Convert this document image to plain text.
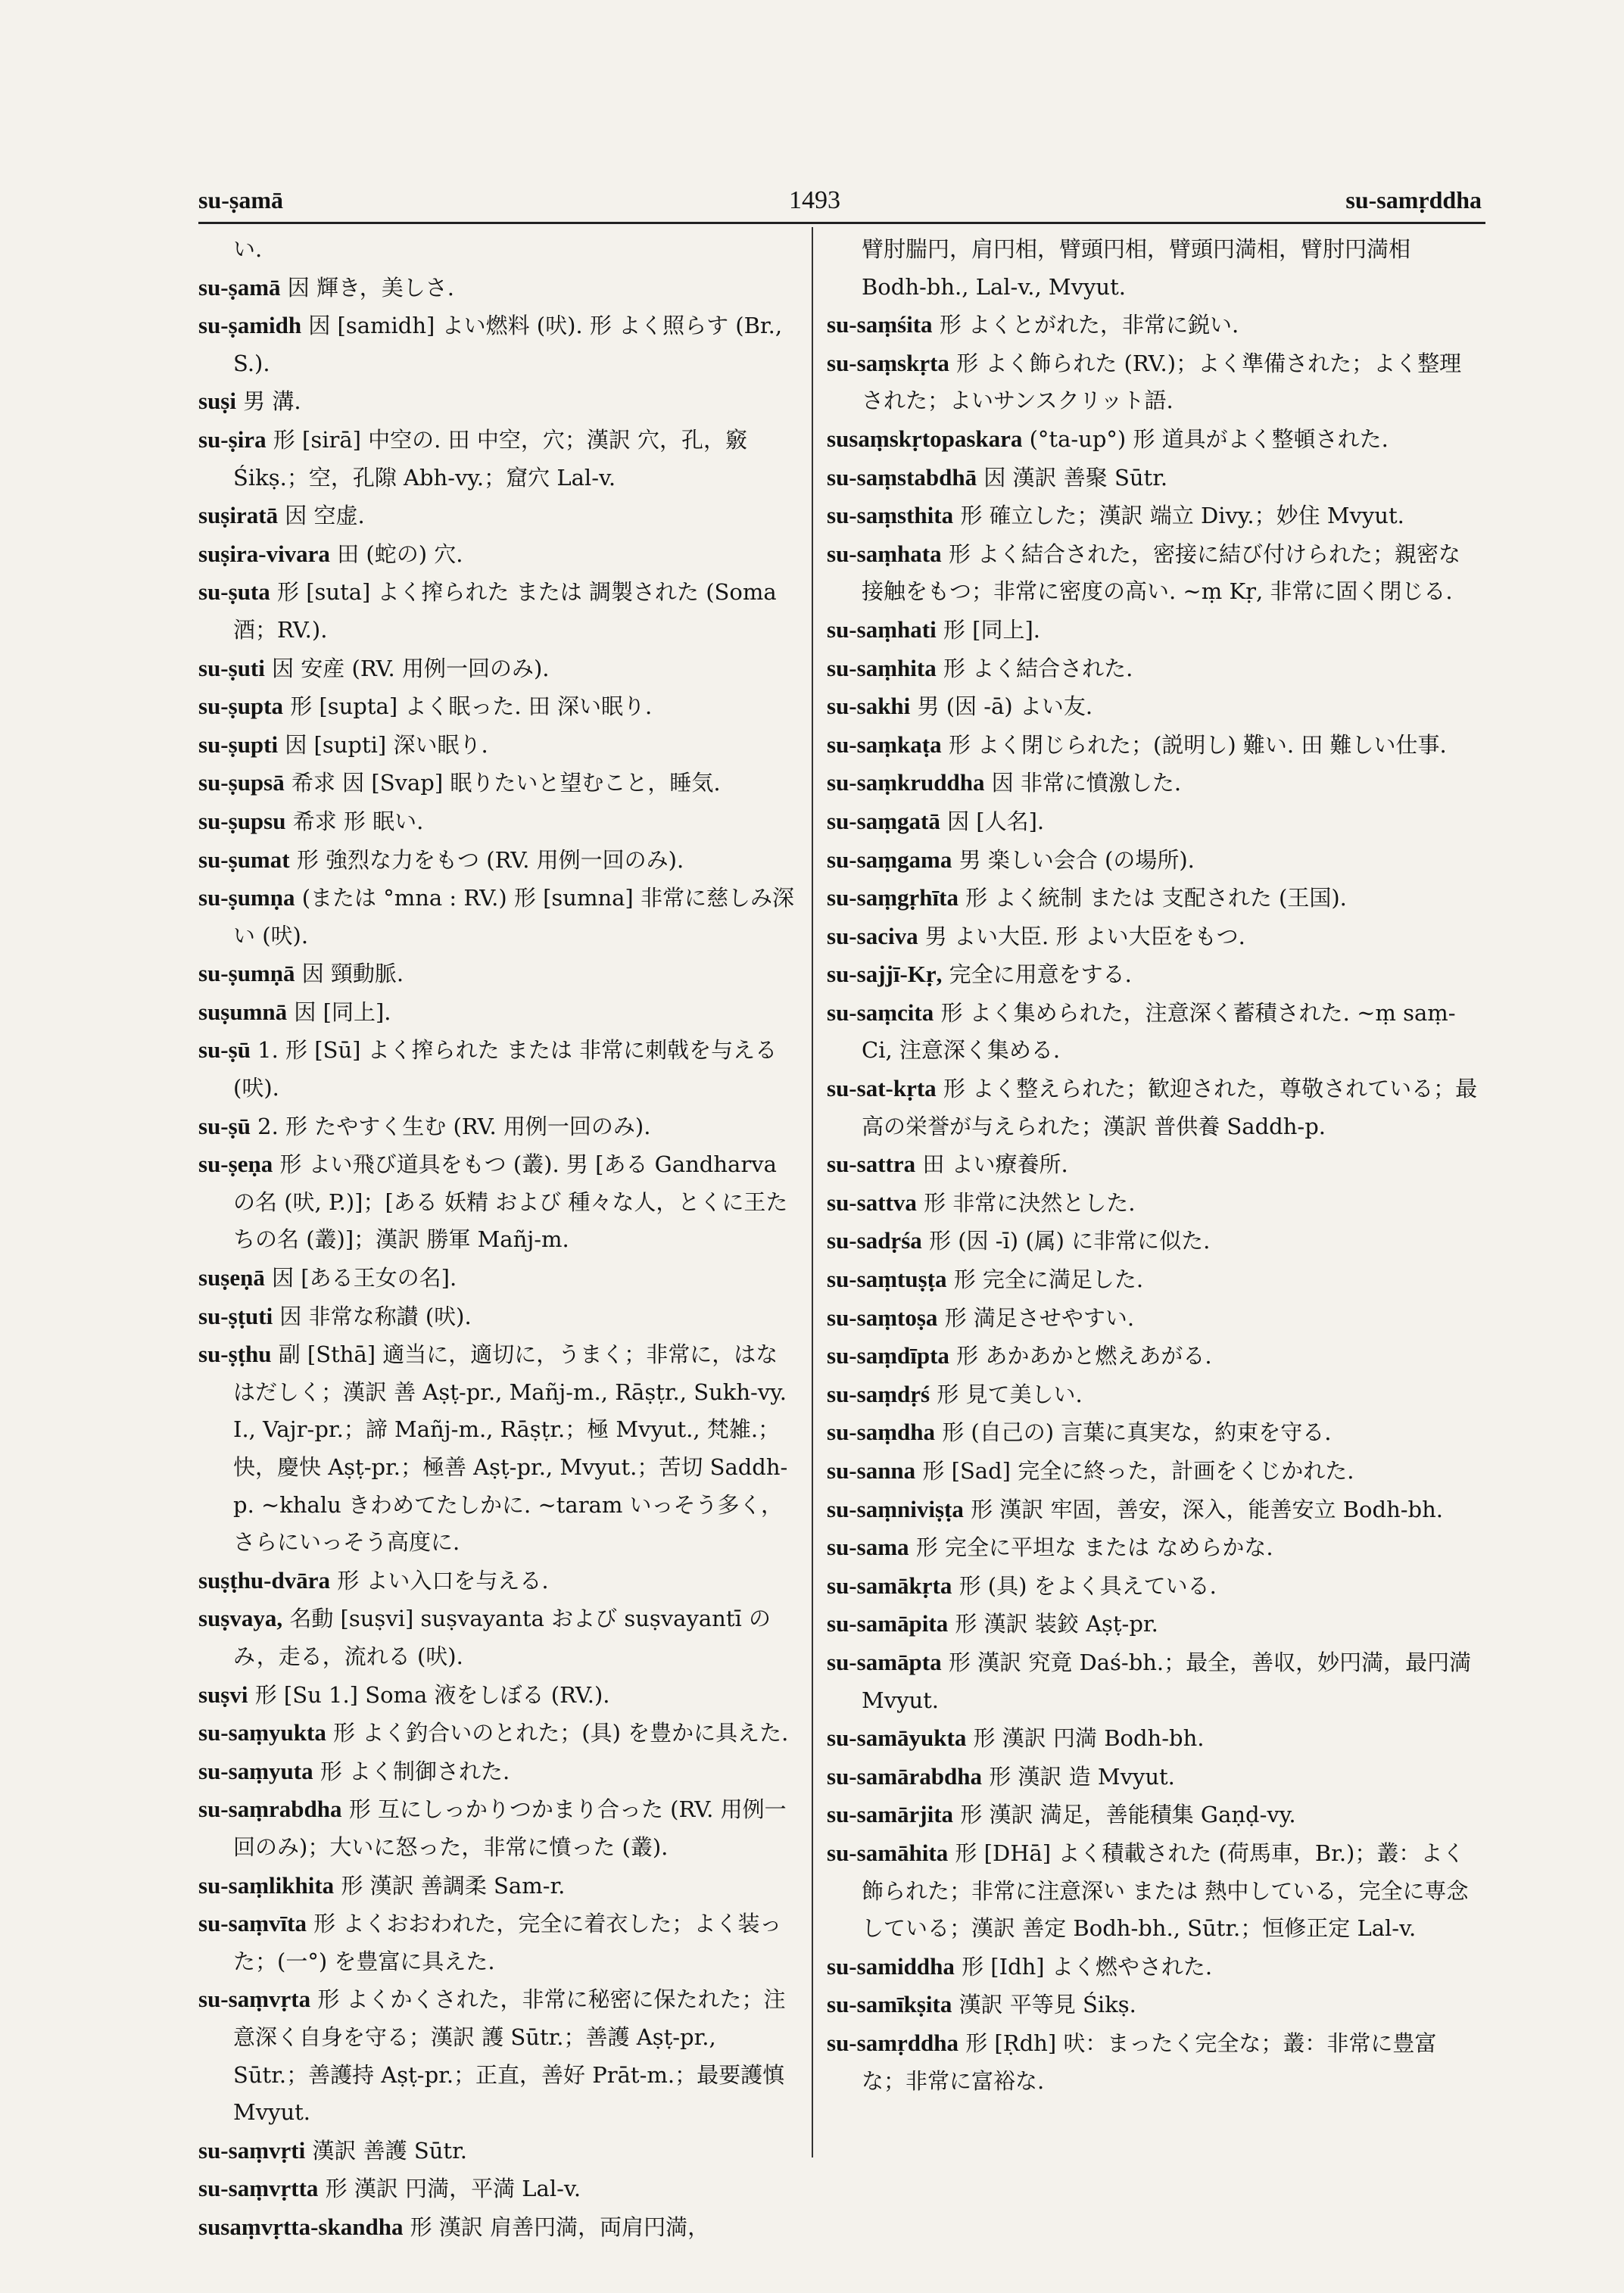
su-ṣamā	1493	su-samṛddha

い.

su-ṣamā 因 輝き，美しさ.

su-ṣamidh 因 [samidh] よい燃料 (吠). 形 よく照らす (Br., S.).

suṣi 男 溝.

su-ṣira 形 [sirā] 中空の. 田 中空，穴；漢訳 穴，孔，竅 Śikṣ.；空，孔隙 Abh-vy.；窟穴 Lal-v.

suṣiratā 因 空虚.

suṣira-vivara 田 (蛇の) 穴.

su-ṣuta 形 [suta] よく搾られた または 調製された (Soma 酒；RV.).

su-ṣuti 因 安産 (RV. 用例一回のみ).

su-ṣupta 形 [supta] よく眠った. 田 深い眠り.

su-ṣupti 因 [supti] 深い眠り.

su-ṣupsā 希求 因 [Svap] 眠りたいと望むこと，睡気.

su-ṣupsu 希求 形 眠い.

su-ṣumat 形 強烈な力をもつ (RV. 用例一回のみ).

su-ṣumṇa (または °mna : RV.) 形 [sumna] 非常に慈しみ深い (吠).

su-ṣumṇā 因 頸動脈.

suṣumnā 因 [同上].

su-ṣū 1. 形 [Sū] よく搾られた または 非常に刺戟を与える (吠).

su-ṣū 2. 形 たやすく生む (RV. 用例一回のみ).

su-ṣeṇa 形 よい飛び道具をもつ (叢). 男 [ある Gandharva の名 (吠, P.)]；[ある 妖精 および 種々な人，とくに王たちの名 (叢)]；漢訳 勝軍 Mañj-m.

suṣeṇā 因 [ある王女の名].

su-ṣṭuti 因 非常な称讃 (吠).

su-ṣṭhu 副 [Sthā] 適当に，適切に，うまく；非常に，はなはだしく；漢訳 善 Aṣṭ-pr., Mañj-m., Rāṣṭr., Sukh-vy. I., Vajr-pr.；諦 Mañj-m., Rāṣṭr.；極 Mvyut., 梵雑.；快，慶快 Aṣṭ-pr.；極善 Aṣṭ-pr., Mvyut.；苦切 Saddh-p. ~khalu きわめてたしかに. ~taram いっそう多く，さらにいっそう高度に.

suṣṭhu-dvāra 形 よい入口を与える.

suṣvaya, 名動 [suṣvi] suṣvayanta および suṣvayantī のみ，走る，流れる (吠).

suṣvi 形 [Su 1.] Soma 液をしぼる (RV.).

su-saṃyukta 形 よく釣合いのとれた；(具) を豊かに具えた.

su-saṃyuta 形 よく制御された.

su-saṃrabdha 形 互にしっかりつかまり合った (RV. 用例一回のみ)；大いに怒った，非常に憤った (叢).

su-saṃlikhita 形 漢訳 善調柔 Sam-r.

su-saṃvīta 形 よくおおわれた，完全に着衣した；よく装った；(一°) を豊富に具えた.

su-saṃvṛta 形 よくかくされた，非常に秘密に保たれた；注意深く自身を守る；漢訳 護 Sūtr.；善護 Aṣṭ-pr., Sūtr.；善護持 Aṣṭ-pr.；正直，善好 Prāt-m.；最要護慎 Mvyut.

su-saṃvṛti 漢訳 善護 Sūtr.

su-saṃvṛtta 形 漢訳 円満，平満 Lal-v.

susaṃvṛtta-skandha 形 漢訳 肩善円満，両肩円満，

臂肘腨円，肩円相，臂頭円相，臂頭円満相，臂肘円満相 Bodh-bh., Lal-v., Mvyut.

su-saṃśita 形 よくとがれた，非常に鋭い.

su-saṃskṛta 形 よく飾られた (RV.)；よく準備された；よく整理された；よいサンスクリット語.

susaṃskṛtopaskara (°ta-up°) 形 道具がよく整頓された.

su-saṃstabdhā 因 漢訳 善聚 Sūtr.

su-saṃsthita 形 確立した；漢訳 端立 Divy.；妙住 Mvyut.

su-saṃhata 形 よく結合された，密接に結び付けられた；親密な接触をもつ；非常に密度の高い. ~ṃ Kṛ, 非常に固く閉じる.

su-saṃhati 形 [同上].

su-saṃhita 形 よく結合された.

su-sakhi 男 (因 -ā) よい友.

su-saṃkaṭa 形 よく閉じられた；(説明し) 難い. 田 難しい仕事.

su-saṃkruddha 因 非常に憤激した.

su-saṃgatā 因 [人名].

su-saṃgama 男 楽しい会合 (の場所).

su-saṃgṛhīta 形 よく統制 または 支配された (王国).

su-saciva 男 よい大臣. 形 よい大臣をもつ.

su-sajjī-Kṛ, 完全に用意をする.

su-saṃcita 形 よく集められた，注意深く蓄積された. ~ṃ saṃ-Ci, 注意深く集める.

su-sat-kṛta 形 よく整えられた；歓迎された，尊敬されている；最高の栄誉が与えられた；漢訳 普供養 Saddh-p.

su-sattra 田 よい療養所.

su-sattva 形 非常に決然とした.

su-sadṛśa 形 (因 -ī) (属) に非常に似た.

su-saṃtuṣṭa 形 完全に満足した.

su-saṃtoṣa 形 満足させやすい.

su-saṃdīpta 形 あかあかと燃えあがる.

su-saṃdṛś 形 見て美しい.

su-saṃdha 形 (自己の) 言葉に真実な，約束を守る.

su-sanna 形 [Sad] 完全に終った，計画をくじかれた.

su-saṃniviṣṭa 形 漢訳 牢固，善安，深入，能善安立 Bodh-bh.

su-sama 形 完全に平坦な または なめらかな.

su-samākṛta 形 (具) をよく具えている.

su-samāpita 形 漢訳 装鉸 Aṣṭ-pr.

su-samāpta 形 漢訳 究竟 Daś-bh.；最全，善収，妙円満，最円満 Mvyut.

su-samāyukta 形 漢訳 円満 Bodh-bh.

su-samārabdha 形 漢訳 造 Mvyut.

su-samārjita 形 漢訳 満足，善能積集 Gaṇḍ-vy.

su-samāhita 形 [DHā] よく積載された (荷馬車，Br.)；叢：よく飾られた；非常に注意深い または 熱中している，完全に専念している；漢訳 善定 Bodh-bh., Sūtr.；恒修正定 Lal-v.

su-samiddha 形 [Idh] よく燃やされた.

su-samīkṣita 漢訳 平等見 Śikṣ.

su-samṛddha 形 [Ṛdh] 吠：まったく完全な；叢：非常に豊富な；非常に富裕な.
